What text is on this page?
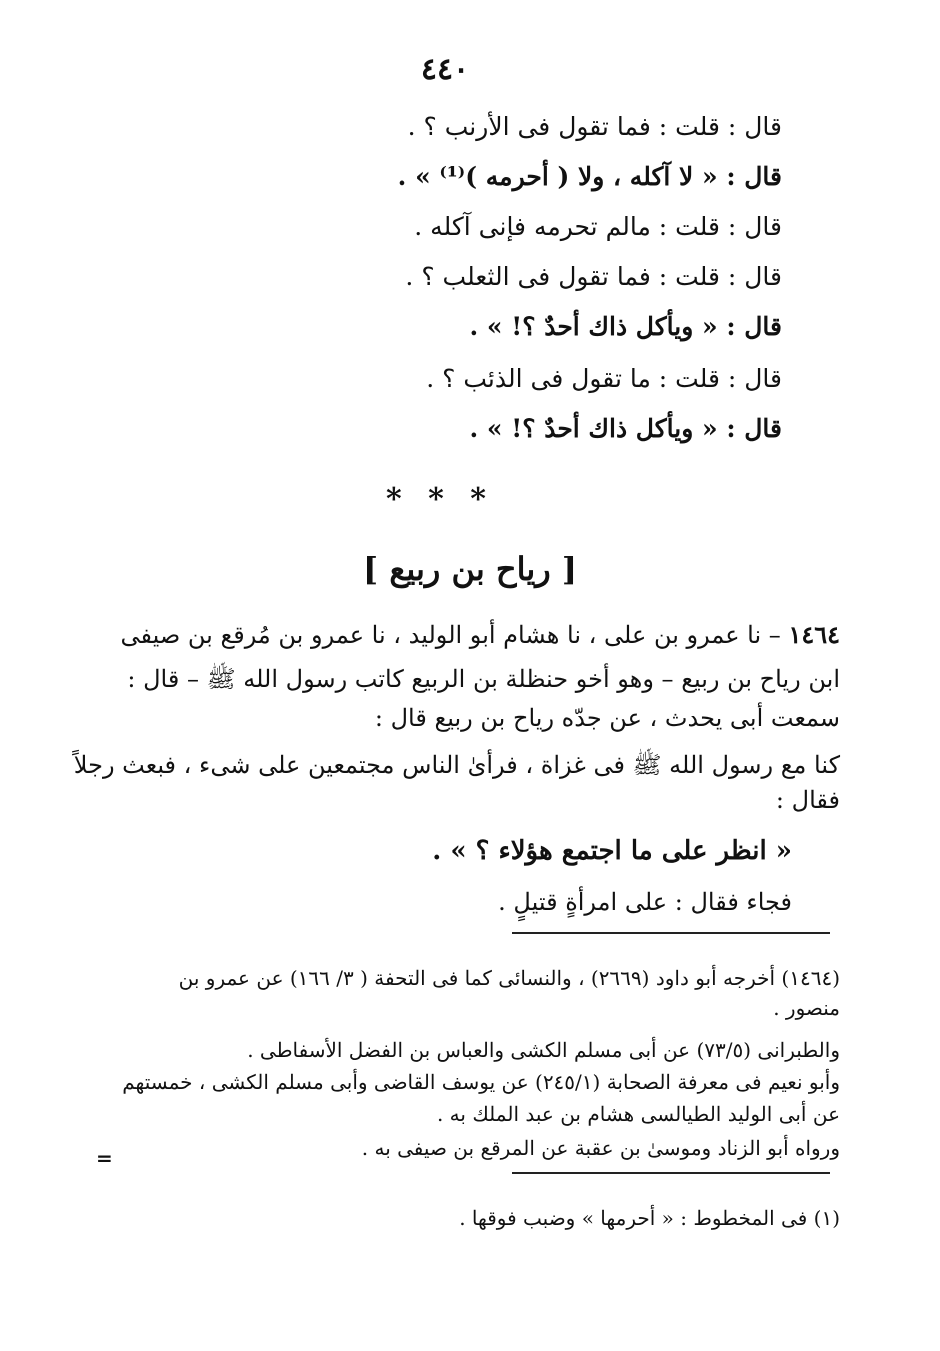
٤٤٠
قال : قلت : فما تقول فى الأرنب ؟ .
قال : « لا آكله ، ولا ( أحرمه )⁽¹⁾ » .
قال : قلت : مالم تحرمه فإنى آكله .
قال : قلت : فما تقول فى الثعلب ؟ .
قال : « ويأكل ذاك أحدٌ ؟! » .
قال : قلت : ما تقول فى الذئب ؟ .
قال : « ويأكل ذاك أحدٌ ؟! » .
* * *
[ رياح بن ربيع ]
١٤٦٤ – نا عمرو بن على ، نا هشام أبو الوليد ، نا عمرو بن مُرقع بن صيفى
ابن رياح بن ربيع – وهو أخو حنظلة بن الربيع كاتب رسول الله ﷺ – قال :
سمعت أبى يحدث ، عن جدّه رياح بن ربيع قال :
كنا مع رسول الله ﷺ فى غزاة ، فرأىٰ الناس مجتمعين على شىء ، فبعث رجلاً
فقال :
« انظر على ما اجتمع هؤلاء ؟ » .
فجاء فقال : على امرأةٍ قتيلٍ .
(١٤٦٤) أخرجه أبو داود (٢٦٦٩) ، والنسائى كما فى التحفة ( ٣/ ١٦٦) عن عمرو بن
منصور .
والطبرانى (٧٣/٥) عن أبى مسلم الكشى والعباس بن الفضل الأسفاطى .
وأبو نعيم فى معرفة الصحابة (٢٤٥/١) عن يوسف القاضى وأبى مسلم الكشى ، خمستهم
عن أبى الوليد الطيالسى هشام بن عبد الملك به .
ورواه أبو الزناد وموسىٰ بن عقبة عن المرقع بن صيفى به .
=
(١) فى المخطوط : « أحرمها » وضبب فوقها .
